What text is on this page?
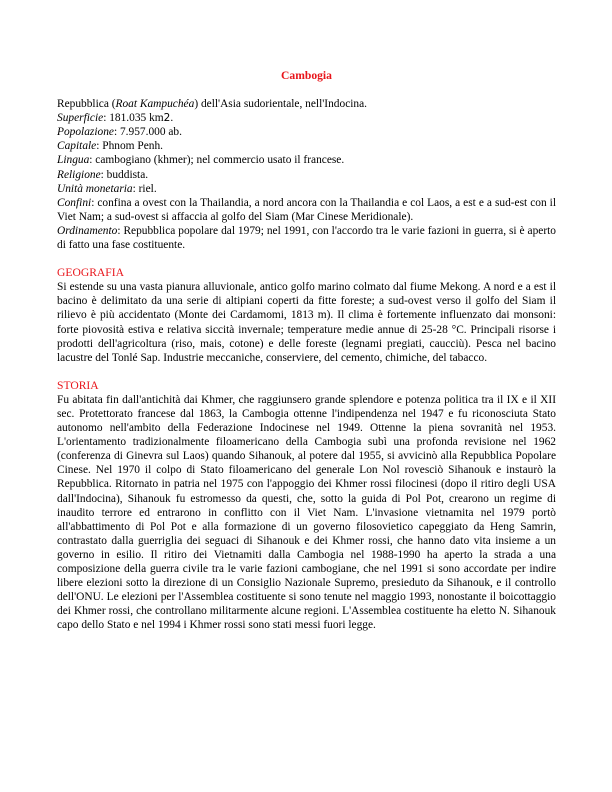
Cambogia

Repubblica (Roat Kampuchéa) dell'Asia sudorientale, nell'Indocina.

Superficie: 181.035 km2.

Popolazione: 7.957.000 ab.

Capitale: Phnom Penh.

Lingua: cambogiano (khmer); nel commercio usato il francese.

Religione: buddista.

Unità monetaria: riel.

Confini: confina a ovest con la Thailandia, a nord ancora con la Thailandia e col Laos, a est e a sud-est con il Viet Nam; a sud-ovest si affaccia al golfo del Siam (Mar Cinese Meridionale).

Ordinamento: Repubblica popolare dal 1979; nel 1991, con l'accordo tra le varie fazioni in guerra, si è aperto di fatto una fase costituente.

GEOGRAFIA

Si estende su una vasta pianura alluvionale, antico golfo marino colmato dal fiume Mekong. A nord e a est il bacino è delimitato da una serie di altipiani coperti da fitte foreste; a sud-ovest verso il golfo del Siam il rilievo è più accidentato (Monte dei Cardamomi, 1813 m). Il clima è fortemente influenzato dai monsoni: forte piovosità estiva e relativa siccità invernale; temperature medie annue di 25-28 °C. Principali risorse i prodotti dell'agricoltura (riso, mais, cotone) e delle foreste (legnami pregiati, caucciù). Pesca nel bacino lacustre del Tonlé Sap. Industrie meccaniche, conserviere, del cemento, chimiche, del tabacco.

STORIA

Fu abitata fin dall'antichità dai Khmer, che raggiunsero grande splendore e potenza politica tra il IX e il XII sec. Protettorato francese dal 1863, la Cambogia ottenne l'indipendenza nel 1947 e fu riconosciuta Stato autonomo nell'ambito della Federazione Indocinese nel 1949. Ottenne la piena sovranità nel 1953. L'orientamento tradizionalmente filoamericano della Cambogia subì una profonda revisione nel 1962 (conferenza di Ginevra sul Laos) quando Sihanouk, al potere dal 1955, si avvicinò alla Repubblica Popolare Cinese. Nel 1970 il colpo di Stato filoamericano del generale Lon Nol rovesciò Sihanouk e instaurò la Repubblica. Ritornato in patria nel 1975 con l'appoggio dei Khmer rossi filocinesi (dopo il ritiro degli USA dall'Indocina), Sihanouk fu estromesso da questi, che, sotto la guida di Pol Pot, crearono un regime di inaudito terrore ed entrarono in conflitto con il Viet Nam. L'invasione vietnamita nel 1979 portò all'abbattimento di Pol Pot e alla formazione di un governo filosovietico capeggiato da Heng Samrin, contrastato dalla guerriglia dei seguaci di Sihanouk e dei Khmer rossi, che hanno dato vita insieme a un governo in esilio. Il ritiro dei Vietnamiti dalla Cambogia nel 1988-1990 ha aperto la strada a una composizione della guerra civile tra le varie fazioni cambogiane, che nel 1991 si sono accordate per indire libere elezioni sotto la direzione di un Consiglio Nazionale Supremo, presieduto da Sihanouk, e il controllo dell'ONU. Le elezioni per l'Assemblea costituente si sono tenute nel maggio 1993, nonostante il boicottaggio dei Khmer rossi, che controllano militarmente alcune regioni. L'Assemblea costituente ha eletto N. Sihanouk capo dello Stato e nel 1994 i Khmer rossi sono stati messi fuori legge.
